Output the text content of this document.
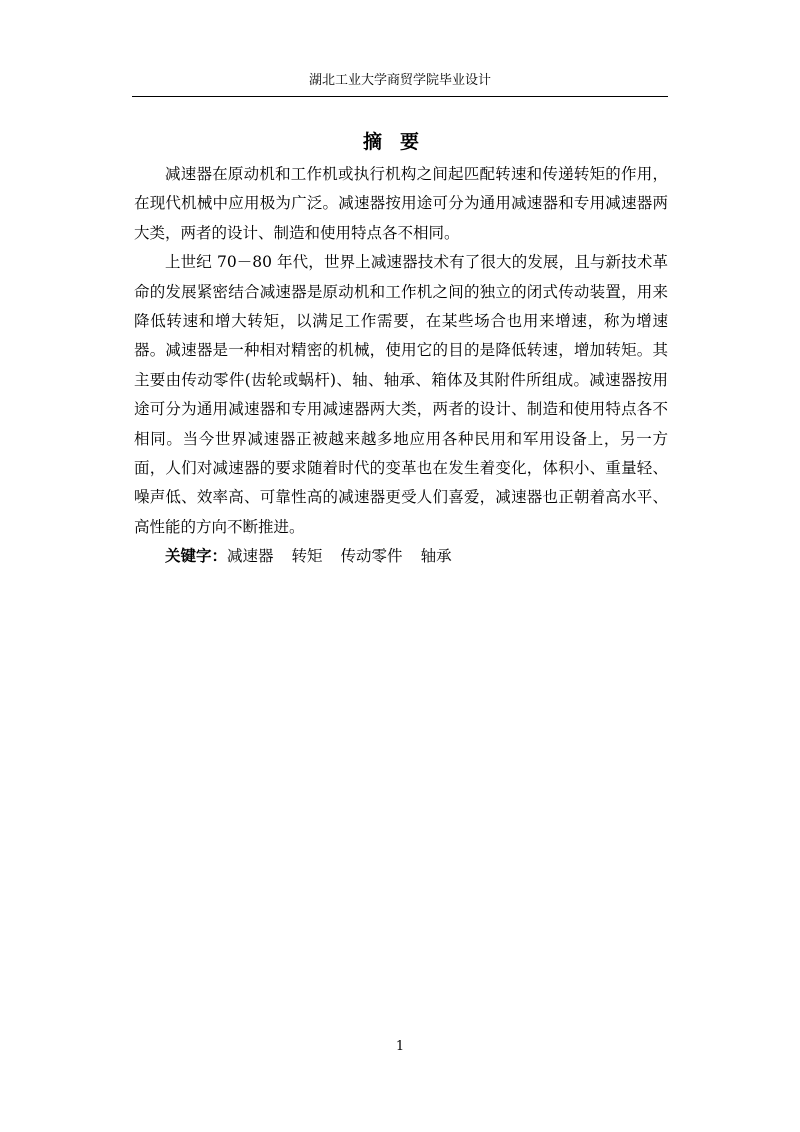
湖北工业大学商贸学院毕业设计
摘要

减速器在原动机和工作机或执行机构之间起匹配转速和传递转矩的作用，在现代机械中应用极为广泛。减速器按用途可分为通用减速器和专用减速器两大类，两者的设计、制造和使用特点各不相同。

上世纪 70－80 年代，世界上减速器技术有了很大的发展，且与新技术革命的发展紧密结合减速器是原动机和工作机之间的独立的闭式传动装置，用来降低转速和增大转矩，以满足工作需要，在某些场合也用来增速，称为增速器。减速器是一种相对精密的机械，使用它的目的是降低转速，增加转矩。其主要由传动零件(齿轮或蜗杆)、轴、轴承、箱体及其附件所组成。减速器按用途可分为通用减速器和专用减速器两大类，两者的设计、制造和使用特点各不相同。当今世界减速器正被越来越多地应用各种民用和军用设备上，另一方面，人们对减速器的要求随着时代的变革也在发生着变化，体积小、重量轻、噪声低、效率高、可靠性高的减速器更受人们喜爱，减速器也正朝着高水平、高性能的方向不断推进。

关键字：减速器 转矩 传动零件 轴承

1
